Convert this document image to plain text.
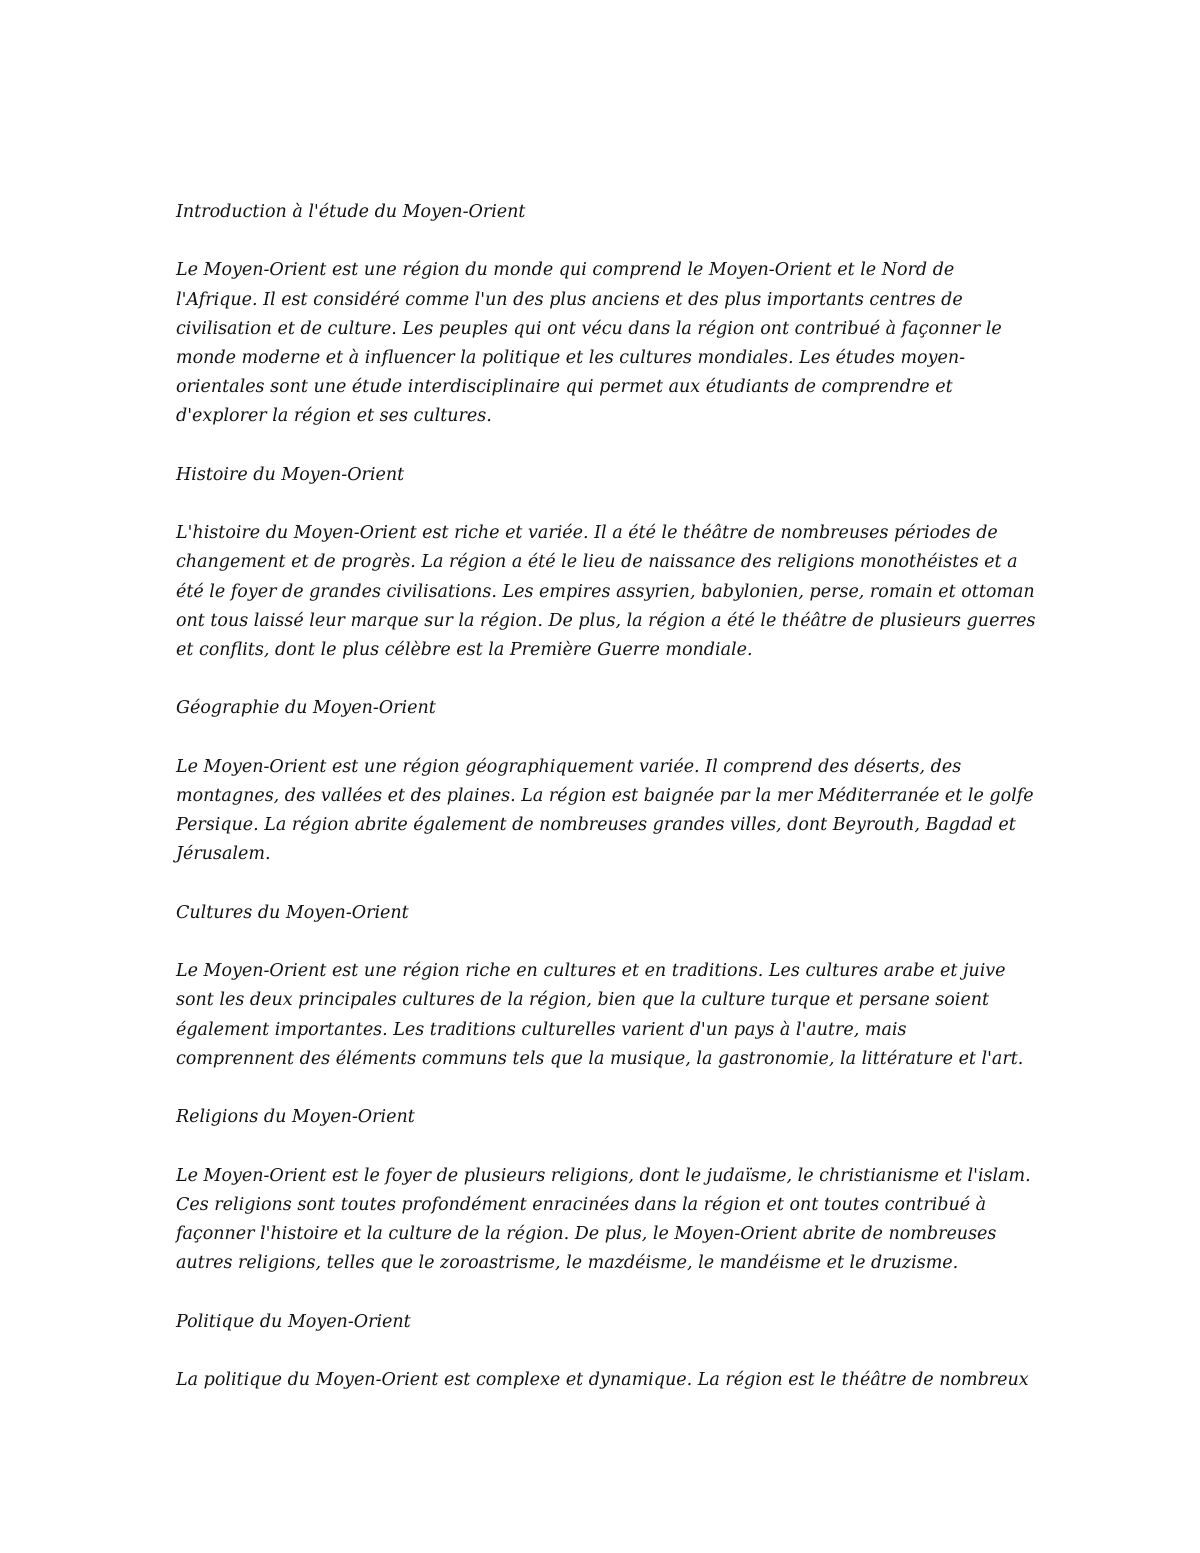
Introduction à l'étude du Moyen-Orient
Le Moyen-Orient est une région du monde qui comprend le Moyen-Orient et le Nord de
l'Afrique. Il est considéré comme l'un des plus anciens et des plus importants centres de
civilisation et de culture. Les peuples qui ont vécu dans la région ont contribué à façonner le
monde moderne et à influencer la politique et les cultures mondiales. Les études moyen-
orientales sont une étude interdisciplinaire qui permet aux étudiants de comprendre et
d'explorer la région et ses cultures.
Histoire du Moyen-Orient
L'histoire du Moyen-Orient est riche et variée. Il a été le théâtre de nombreuses périodes de
changement et de progrès. La région a été le lieu de naissance des religions monothéistes et a
été le foyer de grandes civilisations. Les empires assyrien, babylonien, perse, romain et ottoman
ont tous laissé leur marque sur la région. De plus, la région a été le théâtre de plusieurs guerres
et conflits, dont le plus célèbre est la Première Guerre mondiale.
Géographie du Moyen-Orient
Le Moyen-Orient est une région géographiquement variée. Il comprend des déserts, des
montagnes, des vallées et des plaines. La région est baignée par la mer Méditerranée et le golfe
Persique. La région abrite également de nombreuses grandes villes, dont Beyrouth, Bagdad et
Jérusalem.
Cultures du Moyen-Orient
Le Moyen-Orient est une région riche en cultures et en traditions. Les cultures arabe et juive
sont les deux principales cultures de la région, bien que la culture turque et persane soient
également importantes. Les traditions culturelles varient d'un pays à l'autre, mais
comprennent des éléments communs tels que la musique, la gastronomie, la littérature et l'art.
Religions du Moyen-Orient
Le Moyen-Orient est le foyer de plusieurs religions, dont le judaïsme, le christianisme et l'islam.
Ces religions sont toutes profondément enracinées dans la région et ont toutes contribué à
façonner l'histoire et la culture de la région. De plus, le Moyen-Orient abrite de nombreuses
autres religions, telles que le zoroastrisme, le mazdéisme, le mandéisme et le druzisme.
Politique du Moyen-Orient
La politique du Moyen-Orient est complexe et dynamique. La région est le théâtre de nombreux
